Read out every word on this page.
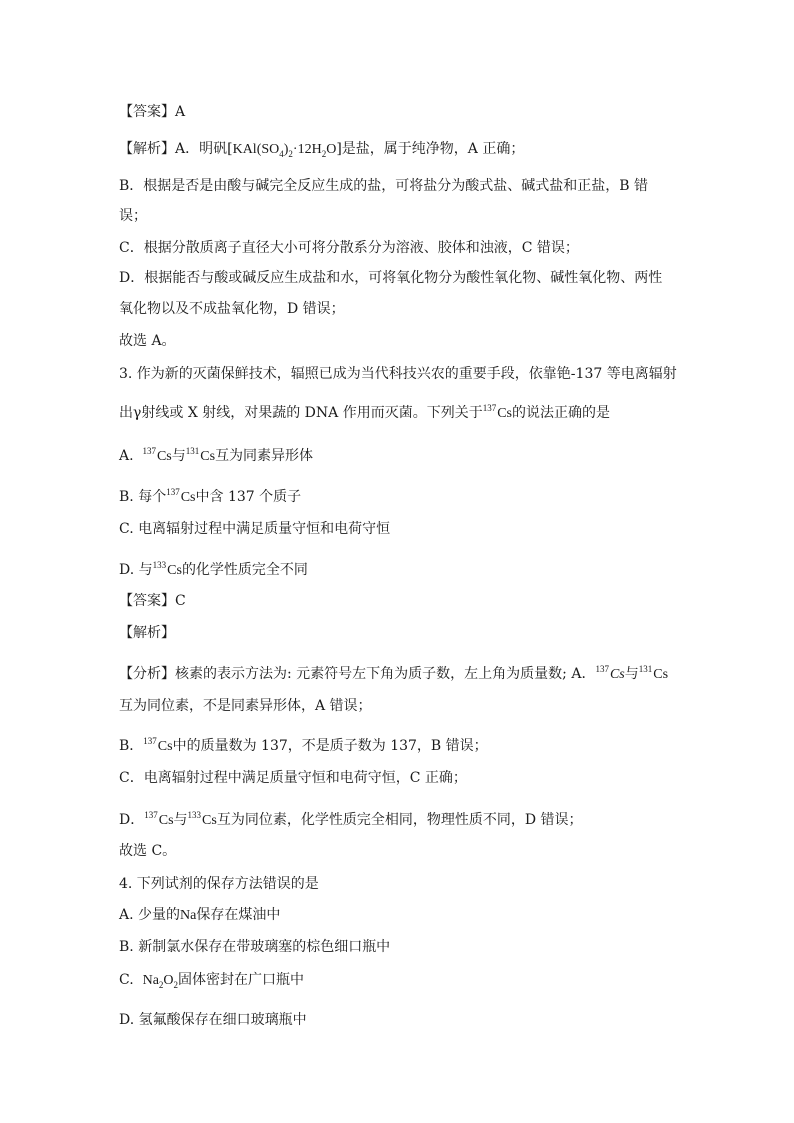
【答案】A
【解析】A．明矾$[KAl(SO_4)_2\cdot 12H_2O]$是盐，属于纯净物，A 正确；
B．根据是否是由酸与碱完全反应生成的盐，可将盐分为酸式盐、碱式盐和正盐，B 错
误；
C．根据分散质离子直径大小可将分散系分为溶液、胶体和浊液，C 错误；
D．根据能否与酸或碱反应生成盐和水，可将氧化物分为酸性氧化物、碱性氧化物、两性
氧化物以及不成盐氧化物，D 错误；
故选 A。
3. 作为新的灭菌保鲜技术，辐照已成为当代科技兴农的重要手段，依靠铯-137 等电离辐射
出γ射线或 X 射线，对果蔬的 DNA 作用而灭菌。下列关于$^{137}$Cs的说法正确的是
A. $^{137}$Cs与$^{131}$Cs互为同素异形体
B. 每个$^{137}$Cs中含 137 个质子
C. 电离辐射过程中满足质量守恒和电荷守恒
D. 与$^{133}$Cs的化学性质完全不同
【答案】C
【解析】
【分析】核素的表示方法为: 元素符号左下角为质子数，左上角为质量数; A．$^{137}$Cs与$^{131}$Cs
互为同位素，不是同素异形体，A 错误；
B．$^{137}$Cs中的质量数为 137，不是质子数为 137，B 错误；
C．电离辐射过程中满足质量守恒和电荷守恒，C 正确；
D．$^{137}$Cs与$^{133}$Cs互为同位素，化学性质完全相同，物理性质不同，D 错误；
故选 C。
4. 下列试剂的保存方法错误的是
A. 少量的Na保存在煤油中
B. 新制氯水保存在带玻璃塞的棕色细口瓶中
C. $Na_2O_2$固体密封在广口瓶中
D. 氢氟酸保存在细口玻璃瓶中
